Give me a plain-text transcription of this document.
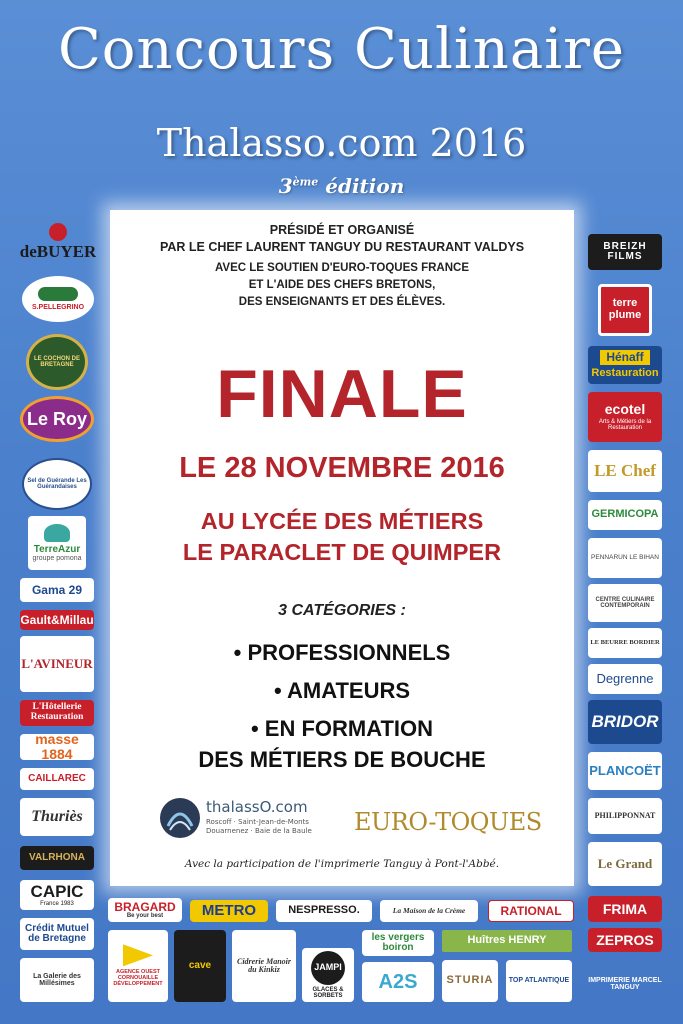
Concours Culinaire
Thalasso.com 2016
3ème édition
PRÉSIDÉ ET ORGANISÉ
PAR LE CHEF LAURENT TANGUY DU RESTAURANT VALDYS
AVEC LE SOUTIEN D'EURO-TOQUES FRANCE
ET L'AIDE DES CHEFS BRETONS,
DES ENSEIGNANTS ET DES ÉLÈVES.
FINALE
LE 28 NOVEMBRE 2016
AU LYCÉE DES MÉTIERS
LE PARACLET DE QUIMPER
3 CATÉGORIES :
• PROFESSIONNELS
• AMATEURS
• EN FORMATION
DES MÉTIERS DE BOUCHE
thalassO.com
Roscoff · Saint-Jean-de-Monts
Douarnenez · Baie de la Baule EURO-TOQUES
Avec la participation de l'imprimerie Tanguy à Pont-l'Abbé.
deBUYER
S.PELLEGRINO
LE COCHON DE BRETAGNE
Le Roy
Sel de Guérande Les Guérandaises
TerreAzur
groupe pomona
Gama 29
Gault&Millau
L'AVINEUR
L'Hôtellerie Restauration
masse 1884
CAILLAREC
Thuriès
VALRHONA
CAPIC
France 1983
Crédit Mutuel de Bretagne
La Galerie des Millésimes
BREIZH FILMS
terre plume
Hénaff
Restauration
ecotel
Arts & Métiers de la Restauration
LE Chef
GERMICOPA
PENNARUN LE BIHAN
CENTRE CULINAIRE CONTEMPORAIN
LE BEURRE BORDIER
Degrenne
BRIDOR
PLANCOËT
PHILIPPONNAT
Le Grand
FRIMA
ZEPROS
IMPRIMERIE MARCEL TANGUY
BRAGARD
Be your best	METRO	NESPRESSO.	La Maison de la Crème	RATIONAL
AGENCE OUEST CORNOUAILLE DÉVELOPPEMENT
cave	Cidrerie Manoir du Kinkiz	JAMPI
GLACES & SORBETS
les vergers boiron
Huîtres HENRY
A2S	STURIA TOP ATLANTIQUE
